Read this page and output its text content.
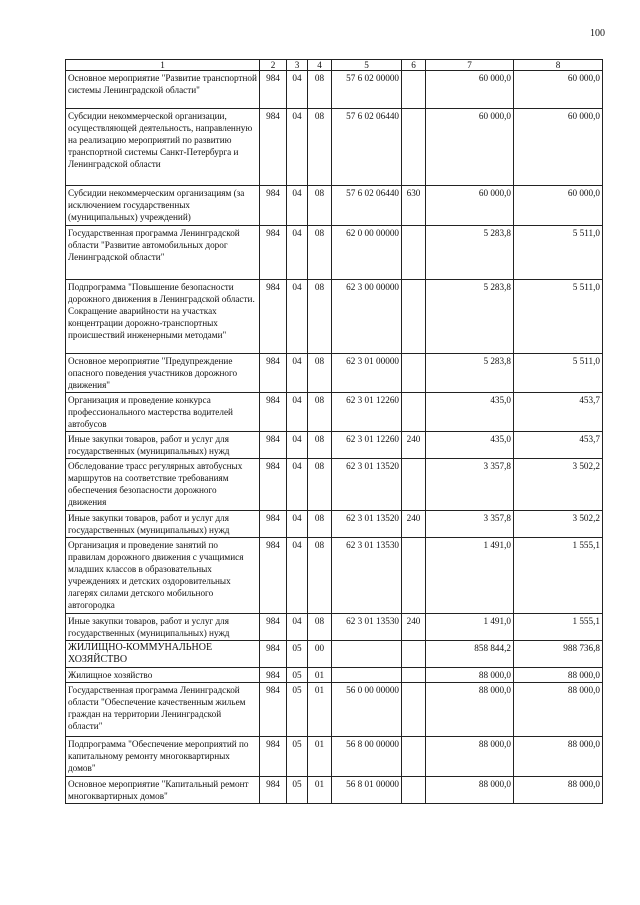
100
1	2	3	4	5	6	7	8
Основное мероприятие "Развитие транспортной системы Ленинградской области"	984	04	08	57 6 02 00000		60 000,0	60 000,0
Субсидии некоммерческой организации, осуществляющей деятельность, направленную на реализацию мероприятий по развитию транспортной системы Санкт-Петербурга и Ленинградской области	984	04	08	57 6 02 06440		60 000,0	60 000,0
Субсидии некоммерческим организациям (за исключением государственных (муниципальных) учреждений)	984	04	08	57 6 02 06440	630	60 000,0	60 000,0
Государственная программа Ленинградской области "Развитие автомобильных дорог Ленинградской области"	984	04	08	62 0 00 00000		5 283,8	5 511,0
Подпрограмма "Повышение безопасности дорожного движения в Ленинградской области. Сокращение аварийности на участках концентрации дорожно-транспортных происшествий инженерными методами"	984	04	08	62 3 00 00000		5 283,8	5 511,0
Основное мероприятие "Предупреждение опасного поведения участников дорожного движения"	984	04	08	62 3 01 00000		5 283,8	5 511,0
Организация и проведение конкурса профессионального мастерства водителей автобусов	984	04	08	62 3 01 12260		435,0	453,7
Иные закупки товаров, работ и услуг для государственных (муниципальных) нужд	984	04	08	62 3 01 12260	240	435,0	453,7
Обследование трасс регулярных автобусных маршрутов на соответствие требованиям обеспечения безопасности дорожного движения	984	04	08	62 3 01 13520		3 357,8	3 502,2
Иные закупки товаров, работ и услуг для государственных (муниципальных) нужд	984	04	08	62 3 01 13520	240	3 357,8	3 502,2
Организация и проведение занятий по правилам дорожного движения с учащимися младших классов в образовательных учреждениях и детских оздоровительных лагерях силами детского мобильного автогородка	984	04	08	62 3 01 13530		1 491,0	1 555,1
Иные закупки товаров, работ и услуг для государственных (муниципальных) нужд	984	04	08	62 3 01 13530	240	1 491,0	1 555,1
ЖИЛИЩНО-КОММУНАЛЬНОЕ ХОЗЯЙСТВО	984	05	00			858 844,2	988 736,8
Жилищное хозяйство	984	05	01			88 000,0	88 000,0
Государственная программа Ленинградской области "Обеспечение качественным жильем граждан на территории Ленинградской области"	984	05	01	56 0 00 00000		88 000,0	88 000,0
Подпрограмма "Обеспечение мероприятий по капитальному ремонту многоквартирных домов"	984	05	01	56 8 00 00000		88 000,0	88 000,0
Основное мероприятие "Капитальный ремонт многоквартирных домов"	984	05	01	56 8 01 00000		88 000,0	88 000,0
